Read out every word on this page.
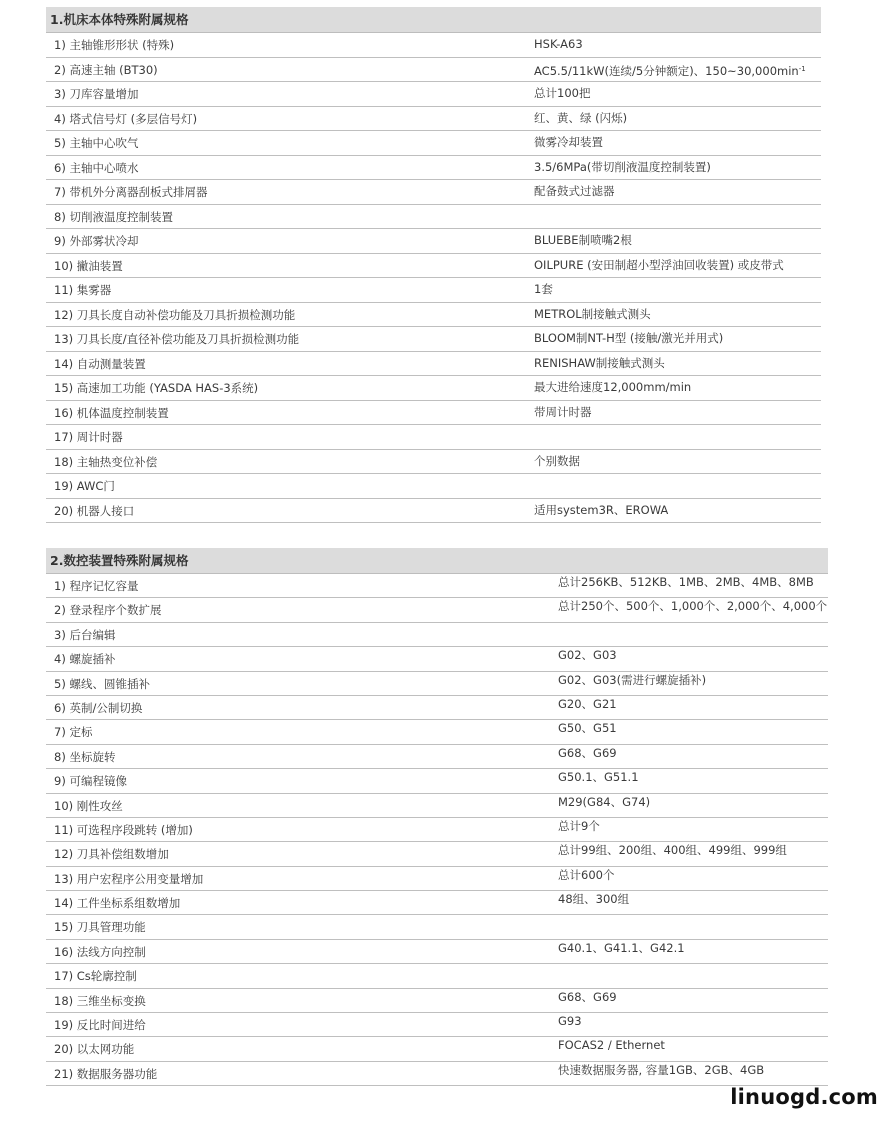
1.机床本体特殊附属规格
1) 主轴锥形形状 (特殊)	HSK-A63
2) 高速主轴 (BT30)	AC5.5/11kW(连续/5分钟额定)、$150\sim 30,000\min^{-1}$
3) 刀库容量增加	总计100把
4) 塔式信号灯 (多层信号灯)	红、黄、绿 (闪烁)
5) 主轴中心吹气	微雾冷却装置
6) 主轴中心喷水	3.5/6MPa(带切削液温度控制装置)
7) 带机外分离器刮板式排屑器	配备鼓式过滤器
8) 切削液温度控制装置
9) 外部雾状冷却	BLUEBE制喷嘴2根
10) 撇油装置	OILPURE (安田制超小型浮油回收装置) 或皮带式
11) 集雾器	1套
12) 刀具长度自动补偿功能及刀具折损检测功能	METROL制接触式测头
13) 刀具长度/直径补偿功能及刀具折损检测功能	BLOOM制NT-H型 (接触/激光并用式)
14) 自动测量装置	RENISHAW制接触式测头
15) 高速加工功能 (YASDA HAS-3系统)	最大进给速度12,000mm/min
16) 机体温度控制装置	带周计时器
17) 周计时器
18) 主轴热变位补偿	个别数据
19) AWC门
20) 机器人接口	适用system3R、EROWA
2.数控装置特殊附属规格
1) 程序记忆容量	总计256KB、512KB、1MB、2MB、4MB、8MB
2) 登录程序个数扩展	总计250个、500个、1,000个、2,000个、4,000个
3) 后台编辑
4) 螺旋插补	G02、G03
5) 螺线、圆锥插补	G02、G03(需进行螺旋插补)
6) 英制/公制切换	G20、G21
7) 定标	G50、G51
8) 坐标旋转	G68、G69
9) 可编程镜像	G50.1、G51.1
10) 刚性攻丝	M29(G84、G74)
11) 可选程序段跳转 (增加)	总计9个
12) 刀具补偿组数增加	总计99组、200组、400组、499组、999组
13) 用户宏程序公用变量增加	总计600个
14) 工件坐标系组数增加	48组、300组
15) 刀具管理功能
16) 法线方向控制	G40.1、G41.1、G42.1
17) Cs轮廓控制
18) 三维坐标变换	G68、G69
19) 反比时间进给	G93
20) 以太网功能	FOCAS2 / Ethernet
21) 数据服务器功能	快速数据服务器, 容量1GB、2GB、4GB
linuogd.com
